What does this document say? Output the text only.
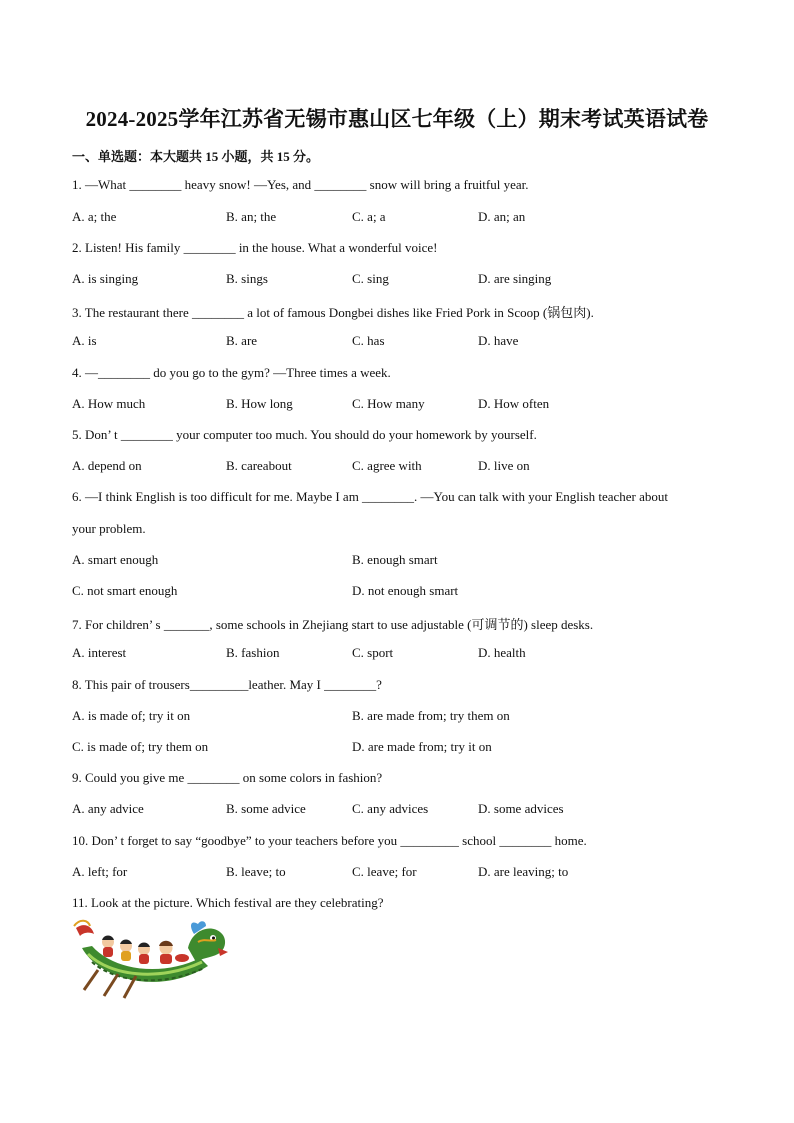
2024-2025学年江苏省无锡市惠山区七年级（上）期末考试英语试卷
一、单选题：本大题共 15 小题，共 15 分。
1. —What ________ heavy snow! —Yes, and ________ snow will bring a fruitful year.
A. a; the	B. an; the	C. a; a	D. an; an
2. Listen! His family ________ in the house. What a wonderful voice!
A. is singing	B. sings	C. sing	D. are singing
3. The restaurant there ________ a lot of famous Dongbei dishes like Fried Pork in Scoop (锅包肉).
A. is	B. are	C. has	D. have
4. —________ do you go to the gym? —Three times a week.
A. How much	B. How long	C. How many	D. How often
5. Don’ t ________ your computer too much. You should do your homework by yourself.
A. depend on	B. careabout	C. agree with	D. live on
6. —I think English is too difficult for me. Maybe I am ________. —You can talk with your English teacher about
your problem.
A. smart enough	B. enough smart
C. not smart enough	D. not enough smart
7. For children’ s _______, some schools in Zhejiang start to use adjustable (可调节的) sleep desks.
A. interest	B. fashion	C. sport	D. health
8. This pair of trousers_________leather. May I ________?
A. is made of; try it on	B. are made from; try them on
C. is made of; try them on	D. are made from; try it on
9. Could you give me ________ on some colors in fashion?
A. any advice	B. some advice	C. any advices	D. some advices
10. Don’ t forget to say “goodbye” to your teachers before you _________ school ________ home.
A. left; for	B. leave; to	C. leave; for	D. are leaving; to
11. Look at the picture. Which festival are they celebrating?
